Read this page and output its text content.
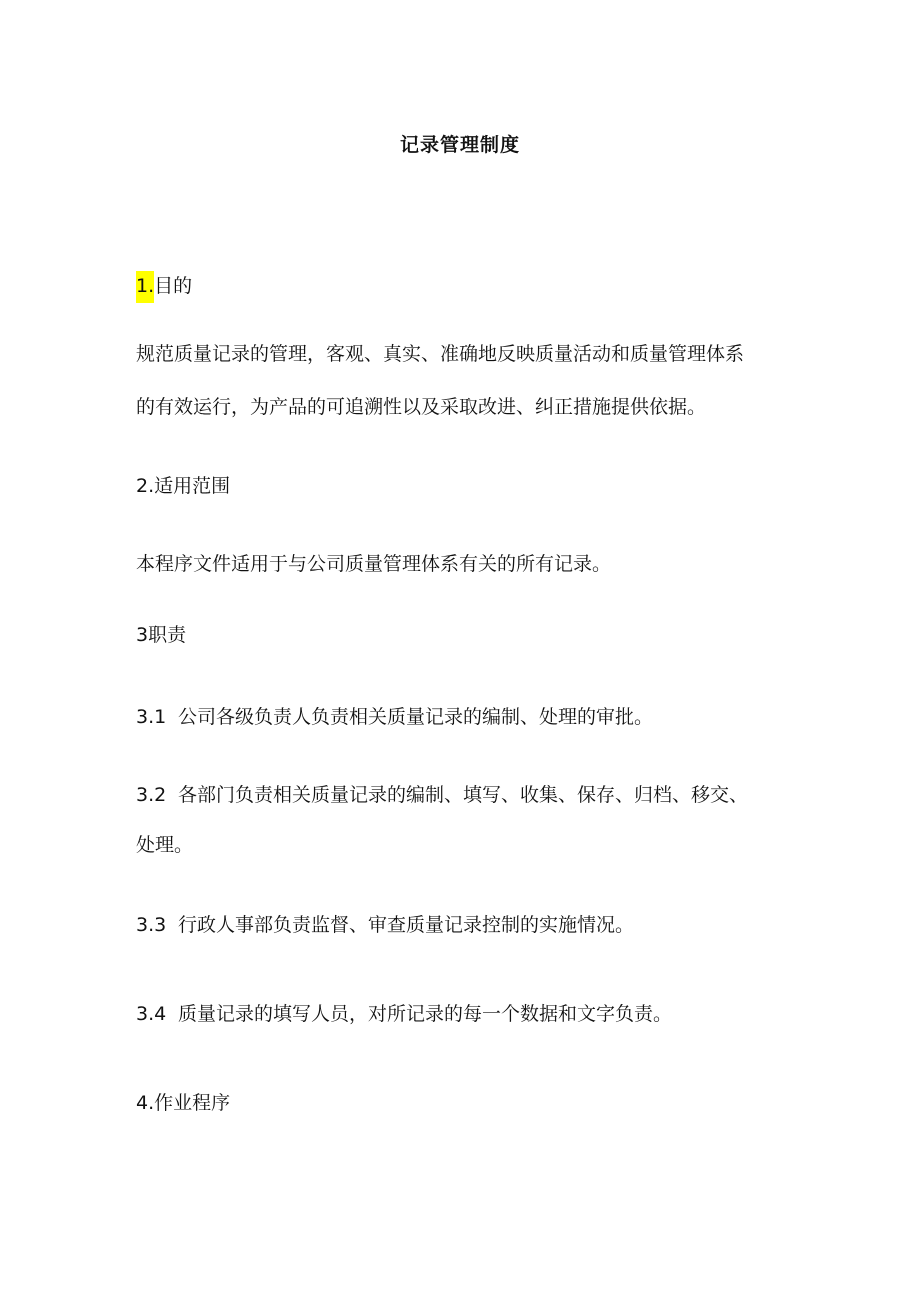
记录管理制度
1.目的
规范质量记录的管理，客观、真实、准确地反映质量活动和质量管理体系
的有效运行，为产品的可追溯性以及采取改进、纠正措施提供依据。
2.适用范围
本程序文件适用于与公司质量管理体系有关的所有记录。
3职责
3.1 公司各级负责人负责相关质量记录的编制、处理的审批。
3.2 各部门负责相关质量记录的编制、填写、收集、保存、归档、移交、
处理。
3.3 行政人事部负责监督、审查质量记录控制的实施情况。
3.4 质量记录的填写人员，对所记录的每一个数据和文字负责。
4.作业程序
